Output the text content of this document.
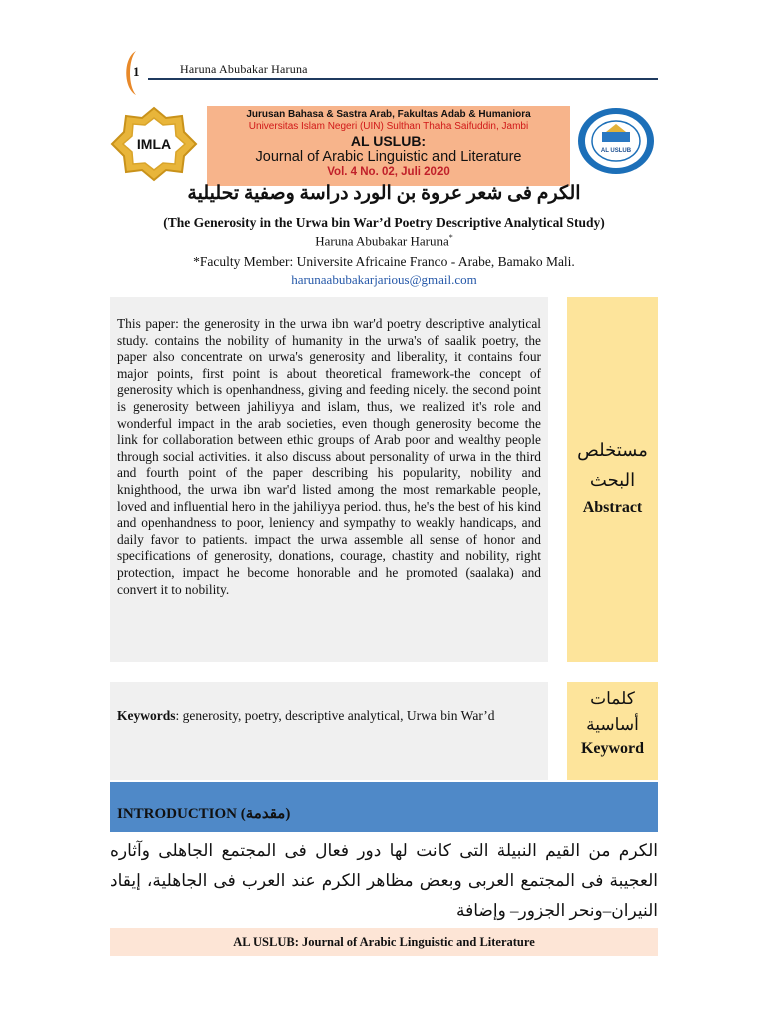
1	Haruna Abubakar Haruna
IMLA
Jurusan Bahasa & Sastra Arab, Fakultas Adab & Humaniora
Universitas Islam Negeri (UIN) Sulthan Thaha Saifuddin, Jambi
AL USLUB:
Journal of Arabic Linguistic and Literature
Vol. 4 No. 02, Juli 2020
AL USLUB
الكرم فى شعر عروة بن الورد دراسة وصفية تحليلية
(The Generosity in the Urwa bin War’d Poetry Descriptive Analytical Study)
Haruna Abubakar Haruna*
*Faculty Member: Universite Africaine Franco - Arabe, Bamako Mali.
harunaabubakarjarious@gmail.com

This paper: the generosity in the urwa ibn war'd poetry descriptive analytical study. contains the nobility of humanity in the urwa's of saalik poetry, the paper also concentrate on urwa's generosity and liberality, it contains four major points, first point is about theoretical framework-the concept of generosity which is openhandness, giving and feeding nicely. the second point is generosity between jahiliyya and islam, thus, we realized it's role and wonderful impact in the arab societies, even though generosity become the link for collaboration between ethic groups of Arab poor and wealthy people through social activities. it also discuss about personality of urwa in the third and fourth point of the paper describing his popularity, nobility and knighthood, the urwa ibn war'd listed among the most remarkable people, loved and influential hero in the jahiliyya period. thus, he's the best of his kind and openhandness to poor, leniency and sympathy to weakly handicaps, and daily favor to patients. impact the urwa assemble all sense of honor and specifications of generosity, donations, courage, chastity and nobility, right protection, impact he become honorable and he promoted (saalaka) and convert it to nobility.

مستخلص
البحث
Abstract
Keywords: generosity, poetry, descriptive analytical, Urwa bin War’d
كلمات
أساسية
Keyword
INTRODUCTION (مقدمة)

الكرم من القيم النبيلة التى كانت لها دور فعال فى المجتمع الجاهلى وآثاره العجيبة فى المجتمع العربى وبعض مظاهر الكرم عند العرب فى الجاهلية، إيقاد النيران–ونحر الجزور– وإضافة

AL USLUB: Journal of Arabic Linguistic and Literature
